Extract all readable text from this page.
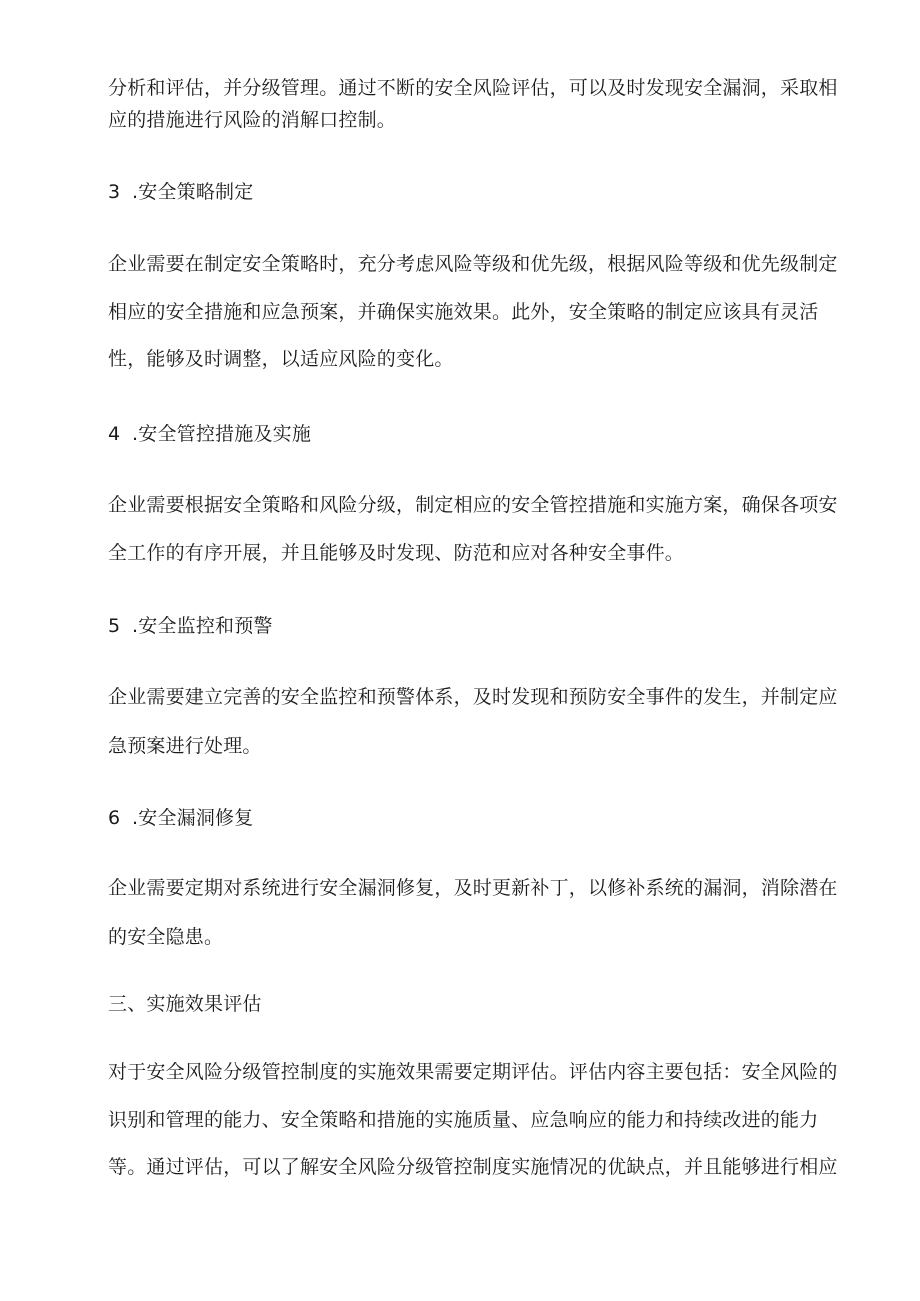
分析和评估，并分级管理。通过不断的安全风险评估，可以及时发现安全漏洞，采取相

应的措施进行风险的消解口控制。

3 .安全策略制定

企业需要在制定安全策略时，充分考虑风险等级和优先级，根据风险等级和优先级制定

相应的安全措施和应急预案，并确保实施效果。此外，安全策略的制定应该具有灵活

性，能够及时调整，以适应风险的变化。

4 .安全管控措施及实施

企业需要根据安全策略和风险分级，制定相应的安全管控措施和实施方案，确保各项安

全工作的有序开展，并且能够及时发现、防范和应对各种安全事件。

5 .安全监控和预警

企业需要建立完善的安全监控和预警体系，及时发现和预防安全事件的发生，并制定应

急预案进行处理。

6 .安全漏洞修复

企业需要定期对系统进行安全漏洞修复，及时更新补丁，以修补系统的漏洞，消除潜在

的安全隐患。

三、实施效果评估

对于安全风险分级管控制度的实施效果需要定期评估。评估内容主要包括：安全风险的

识别和管理的能力、安全策略和措施的实施质量、应急响应的能力和持续改进的能力

等。通过评估，可以了解安全风险分级管控制度实施情况的优缺点，并且能够进行相应
